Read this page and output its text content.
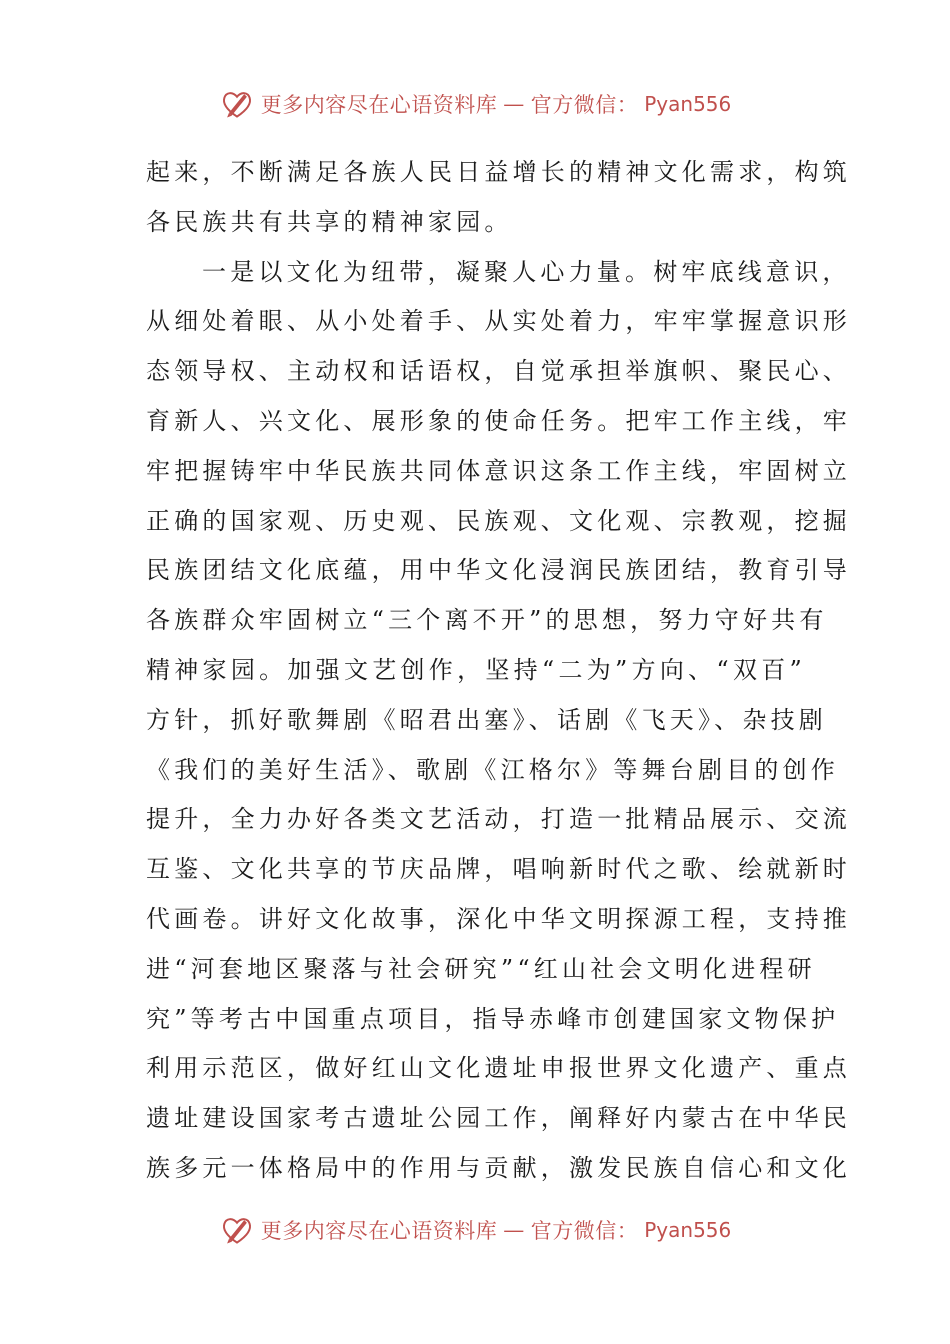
更多内容尽在心语资料库 — 官方微信： Pyan556

起来，不断满足各族人民日益增长的精神文化需求，构筑
各民族共有共享的精神家园。

一是以文化为纽带，凝聚人心力量。树牢底线意识，
从细处着眼、从小处着手、从实处着力，牢牢掌握意识形
态领导权、主动权和话语权，自觉承担举旗帜、聚民心、
育新人、兴文化、展形象的使命任务。把牢工作主线，牢
牢把握铸牢中华民族共同体意识这条工作主线，牢固树立
正确的国家观、历史观、民族观、文化观、宗教观，挖掘
民族团结文化底蕴，用中华文化浸润民族团结，教育引导
各族群众牢固树立“三个离不开”的思想，努力守好共有
精神家园。加强文艺创作，坚持“二为”方向、“双百”
方针，抓好歌舞剧《昭君出塞》、话剧《飞天》、杂技剧
《我们的美好生活》、歌剧《江格尔》等舞台剧目的创作
提升，全力办好各类文艺活动，打造一批精品展示、交流
互鉴、文化共享的节庆品牌，唱响新时代之歌、绘就新时
代画卷。讲好文化故事，深化中华文明探源工程，支持推
进“河套地区聚落与社会研究”“红山社会文明化进程研
究”等考古中国重点项目，指导赤峰市创建国家文物保护
利用示范区，做好红山文化遗址申报世界文化遗产、重点
遗址建设国家考古遗址公园工作，阐释好内蒙古在中华民
族多元一体格局中的作用与贡献，激发民族自信心和文化

更多内容尽在心语资料库 — 官方微信： Pyan556
